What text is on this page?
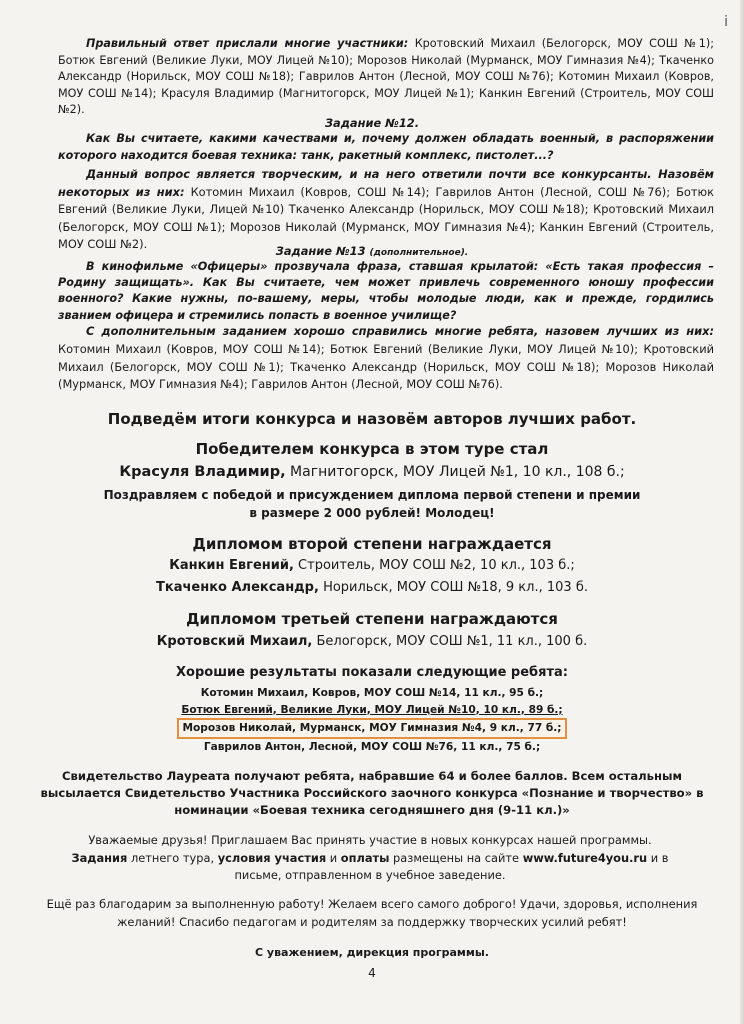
i
Правильный ответ прислали многие участники: Кротовский Михаил (Белогорск, МОУ СОШ №1); Ботюк Евгений (Великие Луки, МОУ Лицей №10); Морозов Николай (Мурманск, МОУ Гимназия №4); Ткаченко Александр (Норильск, МОУ СОШ №18); Гаврилов Антон (Лесной, МОУ СОШ №76); Котомин Михаил (Ковров, МОУ СОШ №14); Красуля Владимир (Магнитогорск, МОУ Лицей №1); Канкин Евгений (Строитель, МОУ СОШ №2).
Задание №12.
Как Вы считаете, какими качествами и, почему должен обладать военный, в распоряжении которого находится боевая техника: танк, ракетный комплекс, пистолет...?
Данный вопрос является творческим, и на него ответили почти все конкурсанты. Назовём некоторых из них: Котомин Михаил (Ковров, СОШ №14); Гаврилов Антон (Лесной, СОШ №76); Ботюк Евгений (Великие Луки, Лицей №10) Ткаченко Александр (Норильск, МОУ СОШ №18); Кротовский Михаил (Белогорск, МОУ СОШ №1); Морозов Николай (Мурманск, МОУ Гимназия №4); Канкин Евгений (Строитель, МОУ СОШ №2).	Задание №13 (дополнительное).
В кинофильме «Офицеры» прозвучала фраза, ставшая крылатой: «Есть такая профессия – Родину защищать». Как Вы считаете, чем может привлечь современного юношу профессии военного? Какие нужны, по-вашему, меры, чтобы молодые люди, как и прежде, гордились званием офицера и стремились попасть в военное училище?
С дополнительным заданием хорошо справились многие ребята, назовем лучших из них: Котомин Михаил (Ковров, МОУ СОШ №14); Ботюк Евгений (Великие Луки, МОУ Лицей №10); Кротовский Михаил (Белогорск, МОУ СОШ №1); Ткаченко Александр (Норильск, МОУ СОШ №18); Морозов Николай (Мурманск, МОУ Гимназия №4); Гаврилов Антон (Лесной, МОУ СОШ №76).
Подведём итоги конкурса и назовём авторов лучших работ.
Победителем конкурса в этом туре стал
Красуля Владимир, Магнитогорск, МОУ Лицей №1, 10 кл., 108 б.;
Поздравляем с победой и присуждением диплома первой степени и премии
в размере 2 000 рублей! Молодец!
Дипломом второй степени награждается
Канкин Евгений, Строитель, МОУ СОШ №2, 10 кл., 103 б.;
Ткаченко Александр, Норильск, МОУ СОШ №18, 9 кл., 103 б.
Дипломом третьей степени награждаются
Кротовский Михаил, Белогорск, МОУ СОШ №1, 11 кл., 100 б.
Хорошие результаты показали следующие ребята:
Котомин Михаил, Ковров, МОУ СОШ №14, 11 кл., 95 б.;
Ботюк Евгений, Великие Луки, МОУ Лицей №10, 10 кл., 89 б.;
Морозов Николай, Мурманск, МОУ Гимназия №4, 9 кл., 77 б.;
Гаврилов Антон, Лесной, МОУ СОШ №76, 11 кл., 75 б.;
Свидетельство Лауреата получают ребята, набравшие 64 и более баллов. Всем остальным
высылается Свидетельство Участника Российского заочного конкурса «Познание и творчество» в
номинации «Боевая техника сегодняшнего дня (9-11 кл.)»
Уважаемые друзья! Приглашаем Вас принять участие в новых конкурсах нашей программы. Задания летнего тура, условия участия и оплаты размещены на сайте www.future4you.ru и в письме, отправленном в учебное заведение.
Ещё раз благодарим за выполненную работу! Желаем всего самого доброго! Удачи, здоровья, исполнения
желаний! Спасибо педагогам и родителям за поддержку творческих усилий ребят!
С уважением, дирекция программы.
4
